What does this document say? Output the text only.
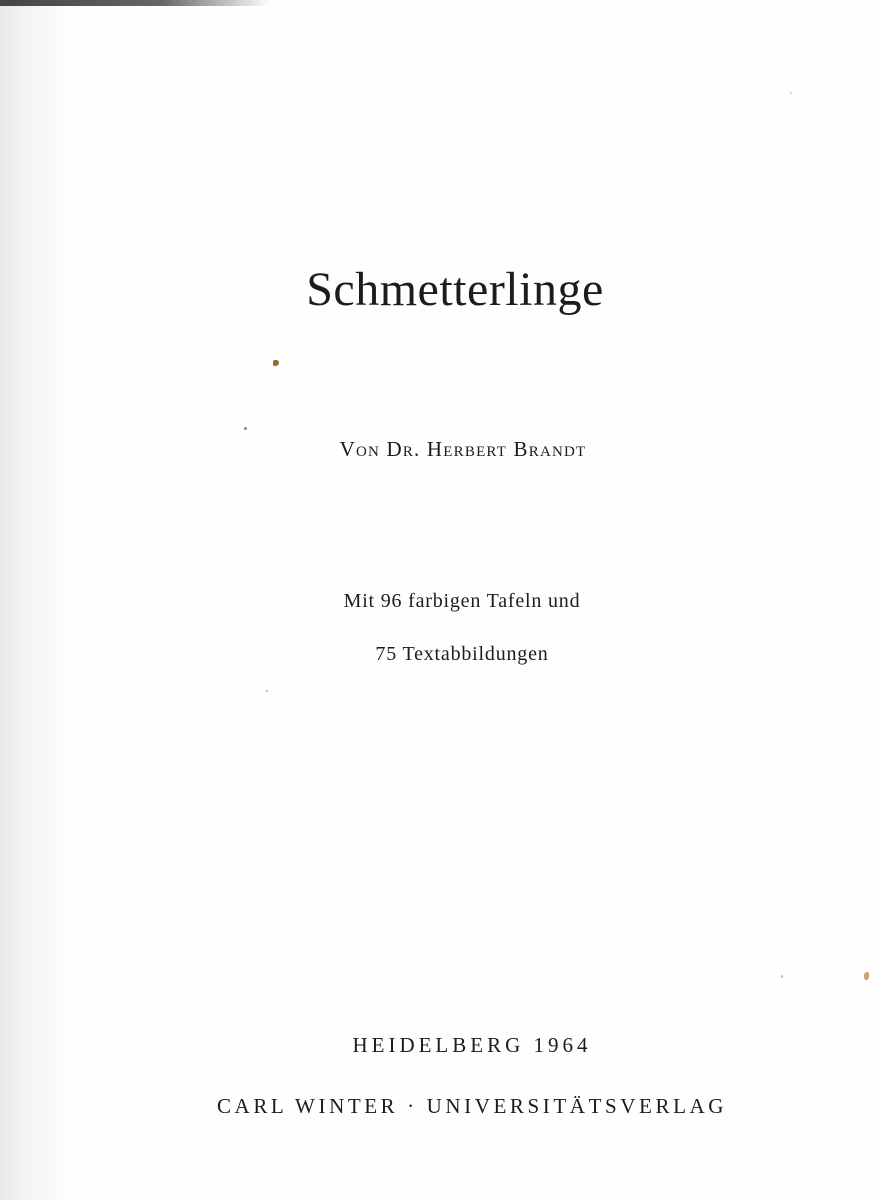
Schmetterlinge
Von Dr. Herbert Brandt
Mit 96 farbigen Tafeln und
75 Textabbildungen
HEIDELBERG 1964
CARL WINTER · UNIVERSITÄTSVERLAG
